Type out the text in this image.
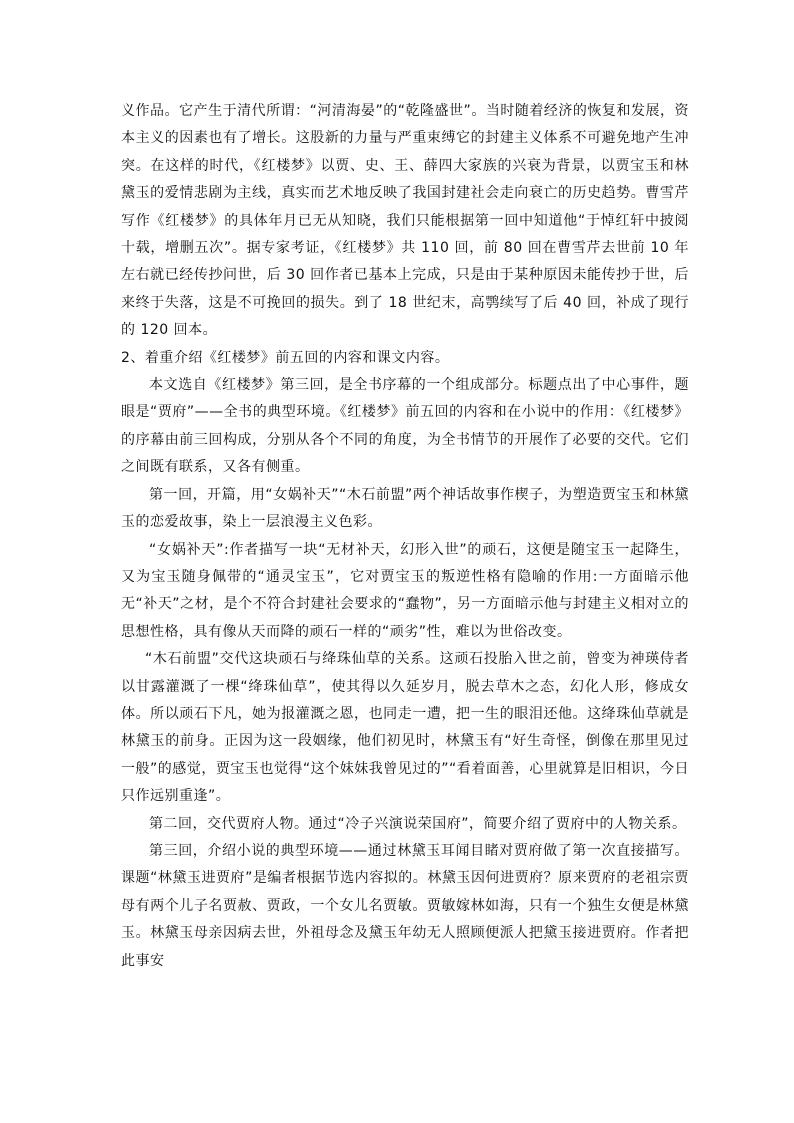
义作品。它产生于清代所谓：“河清海晏”的“乾隆盛世”。当时随着经济的恢复和发展，资本主义的因素也有了增长。这股新的力量与严重束缚它的封建主义体系不可避免地产生冲突。在这样的时代，《红楼梦》以贾、史、王、薛四大家族的兴衰为背景，以贾宝玉和林黛玉的爱情悲剧为主线，真实而艺术地反映了我国封建社会走向衰亡的历史趋势。曹雪芹写作《红楼梦》的具体年月已无从知晓，我们只能根据第一回中知道他“于悼红轩中披阅十载，增删五次”。据专家考证，《红楼梦》共 110 回，前 80 回在曹雪芹去世前 10 年左右就已经传抄问世，后 30 回作者已基本上完成，只是由于某种原因未能传抄于世，后来终于失落，这是不可挽回的损失。到了 18 世纪末，高鹗续写了后 40 回，补成了现行的 120 回本。

2、着重介绍《红楼梦》前五回的内容和课文内容。

本文选自《红楼梦》第三回，是全书序幕的一个组成部分。标题点出了中心事件，题眼是“贾府”——全书的典型环境。《红楼梦》前五回的内容和在小说中的作用：《红楼梦》的序幕由前三回构成，分别从各个不同的角度，为全书情节的开展作了必要的交代。它们之间既有联系，又各有侧重。

第一回，开篇，用“女娲补天”“木石前盟”两个神话故事作楔子，为塑造贾宝玉和林黛玉的恋爱故事，染上一层浪漫主义色彩。

“女娲补天”:作者描写一块“无材补天，幻形入世”的顽石，这便是随宝玉一起降生，又为宝玉随身佩带的“通灵宝玉”，它对贾宝玉的叛逆性格有隐喻的作用:一方面暗示他无“补天”之材，是个不符合封建社会要求的“蠢物”，另一方面暗示他与封建主义相对立的思想性格，具有像从天而降的顽石一样的“顽劣”性，难以为世俗改变。

“木石前盟”交代这块顽石与绛珠仙草的关系。这顽石投胎入世之前，曾变为神瑛侍者以甘露灌溉了一棵“绛珠仙草”，使其得以久延岁月，脱去草木之态，幻化人形，修成女体。所以顽石下凡，她为报灌溉之恩，也同走一遭，把一生的眼泪还他。这绛珠仙草就是林黛玉的前身。正因为这一段姻缘，他们初见时，林黛玉有“好生奇怪，倒像在那里见过一般”的感觉，贾宝玉也觉得“这个妹妹我曾见过的”“看着面善，心里就算是旧相识，今日只作远别重逢”。

第二回，交代贾府人物。通过“冷子兴演说荣国府”，简要介绍了贾府中的人物关系。

第三回，介绍小说的典型环境——通过林黛玉耳闻目睹对贾府做了第一次直接描写。课题“林黛玉进贾府”是编者根据节选内容拟的。林黛玉因何进贾府？原来贾府的老祖宗贾母有两个儿子名贾赦、贾政，一个女儿名贾敏。贾敏嫁林如海，只有一个独生女便是林黛玉。林黛玉母亲因病去世，外祖母念及黛玉年幼无人照顾便派人把黛玉接进贾府。作者把此事安
